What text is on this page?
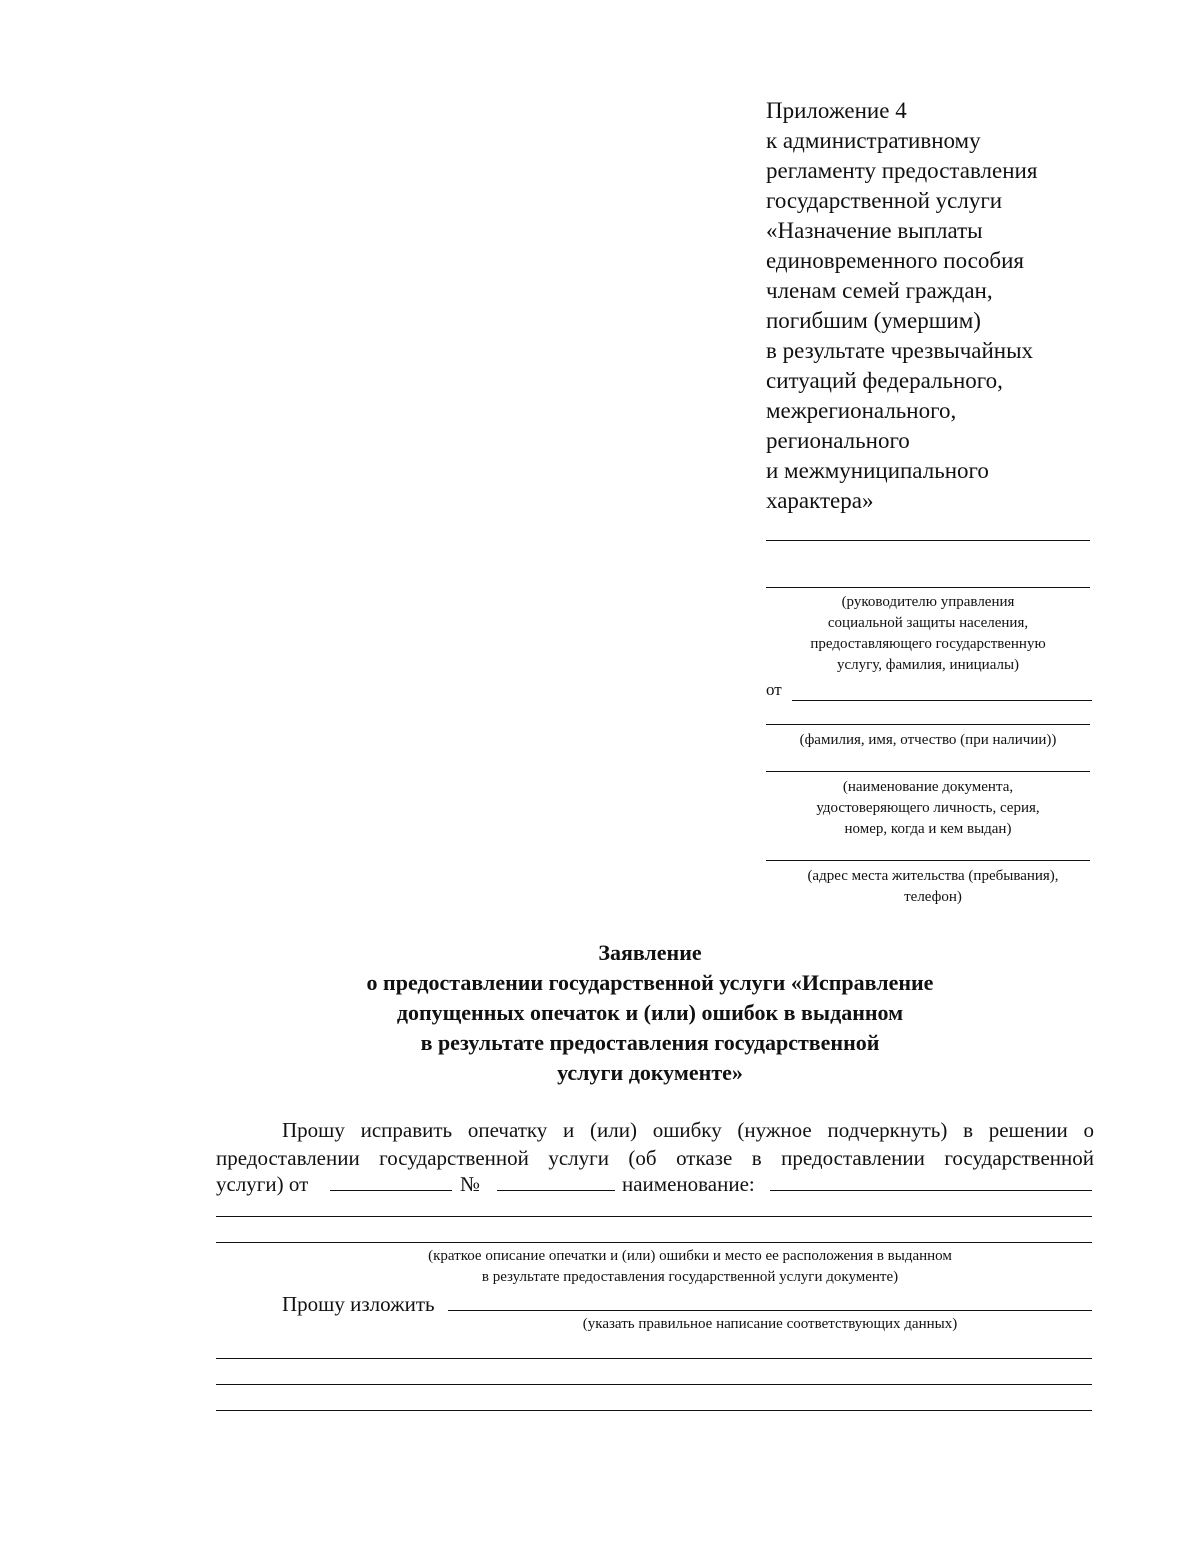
Приложение 4
к административному
регламенту предоставления
государственной услуги
«Назначение выплаты
единовременного пособия
членам семей граждан,
погибшим (умершим)
в результате чрезвычайных
ситуаций федерального,
межрегионального,
регионального
и межмуниципального
характера»
(руководителю управления
социальной защиты населения,
предоставляющего государственную
услугу, фамилия, инициалы)
от
(фамилия, имя, отчество (при наличии))
(наименование документа,
удостоверяющего личность, серия,
номер, когда и кем выдан)
(адрес места жительства (пребывания),
телефон)
Заявление
о предоставлении государственной услуги «Исправление
допущенных опечаток и (или) ошибок в выданном
в результате предоставления государственной
услуги документе»
Прошу исправить опечатку и (или) ошибку (нужное подчеркнуть) в решении о
предоставлении государственной услуги (об отказе в предоставлении государственной
услуги) от	№	наименование:
(краткое описание опечатки и (или) ошибки и место ее расположения в выданном
в результате предоставления государственной услуги документе)
Прошу изложить
(указать правильное написание соответствующих данных)
